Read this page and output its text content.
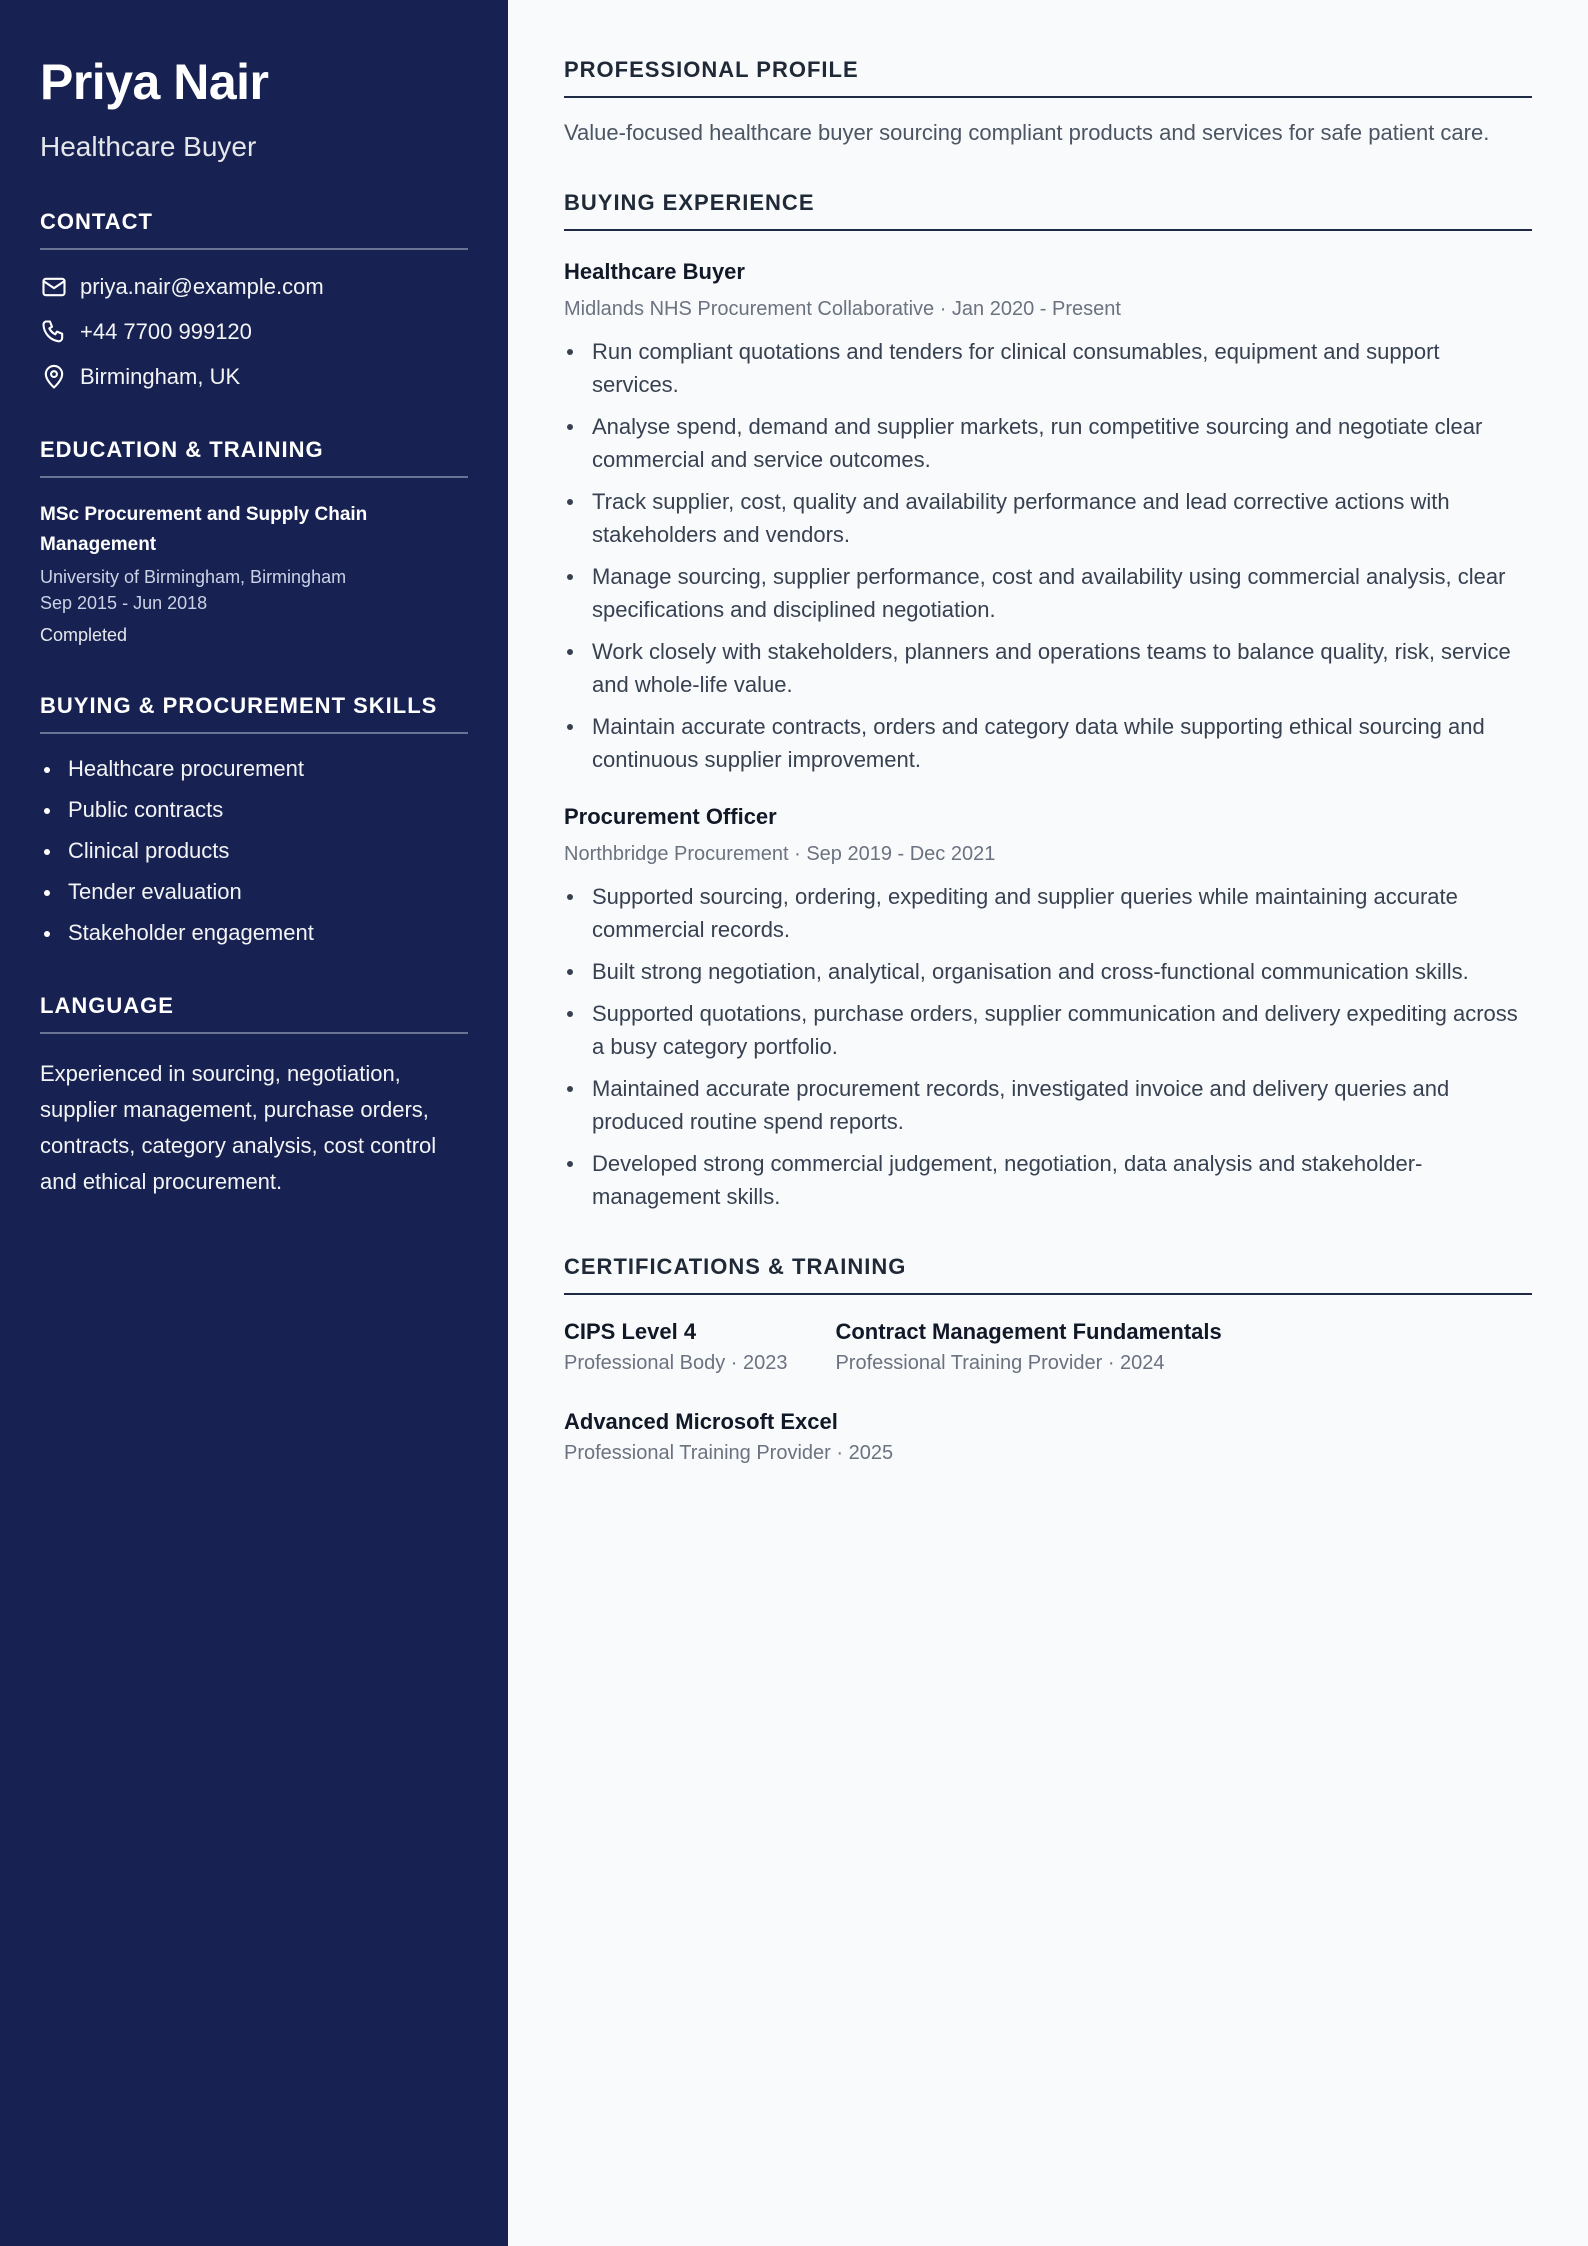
Priya Nair
Healthcare Buyer
CONTACT
priya.nair@example.com
+44 7700 999120
Birmingham, UK
EDUCATION & TRAINING
MSc Procurement and Supply Chain Management
University of Birmingham, Birmingham
Sep 2015 - Jun 2018
Completed
BUYING & PROCUREMENT SKILLS
Healthcare procurement
Public contracts
Clinical products
Tender evaluation
Stakeholder engagement
LANGUAGE

Experienced in sourcing, negotiation, supplier management, purchase orders, contracts, category analysis, cost control and ethical procurement.

PROFESSIONAL PROFILE

Value-focused healthcare buyer sourcing compliant products and services for safe patient care.

BUYING EXPERIENCE
Healthcare Buyer
Midlands NHS Procurement Collaborative · Jan 2020 - Present
Run compliant quotations and tenders for clinical consumables, equipment and support services.
Analyse spend, demand and supplier markets, run competitive sourcing and negotiate clear commercial and service outcomes.
Track supplier, cost, quality and availability performance and lead corrective actions with stakeholders and vendors.
Manage sourcing, supplier performance, cost and availability using commercial analysis, clear specifications and disciplined negotiation.
Work closely with stakeholders, planners and operations teams to balance quality, risk, service and whole-life value.
Maintain accurate contracts, orders and category data while supporting ethical sourcing and continuous supplier improvement.
Procurement Officer
Northbridge Procurement · Sep 2019 - Dec 2021
Supported sourcing, ordering, expediting and supplier queries while maintaining accurate commercial records.
Built strong negotiation, analytical, organisation and cross-functional communication skills.
Supported quotations, purchase orders, supplier communication and delivery expediting across a busy category portfolio.
Maintained accurate procurement records, investigated invoice and delivery queries and produced routine spend reports.
Developed strong commercial judgement, negotiation, data analysis and stakeholder-management skills.
CERTIFICATIONS & TRAINING
CIPS Level 4
Professional Body · 2023
Contract Management Fundamentals
Professional Training Provider · 2024
Advanced Microsoft Excel
Professional Training Provider · 2025
